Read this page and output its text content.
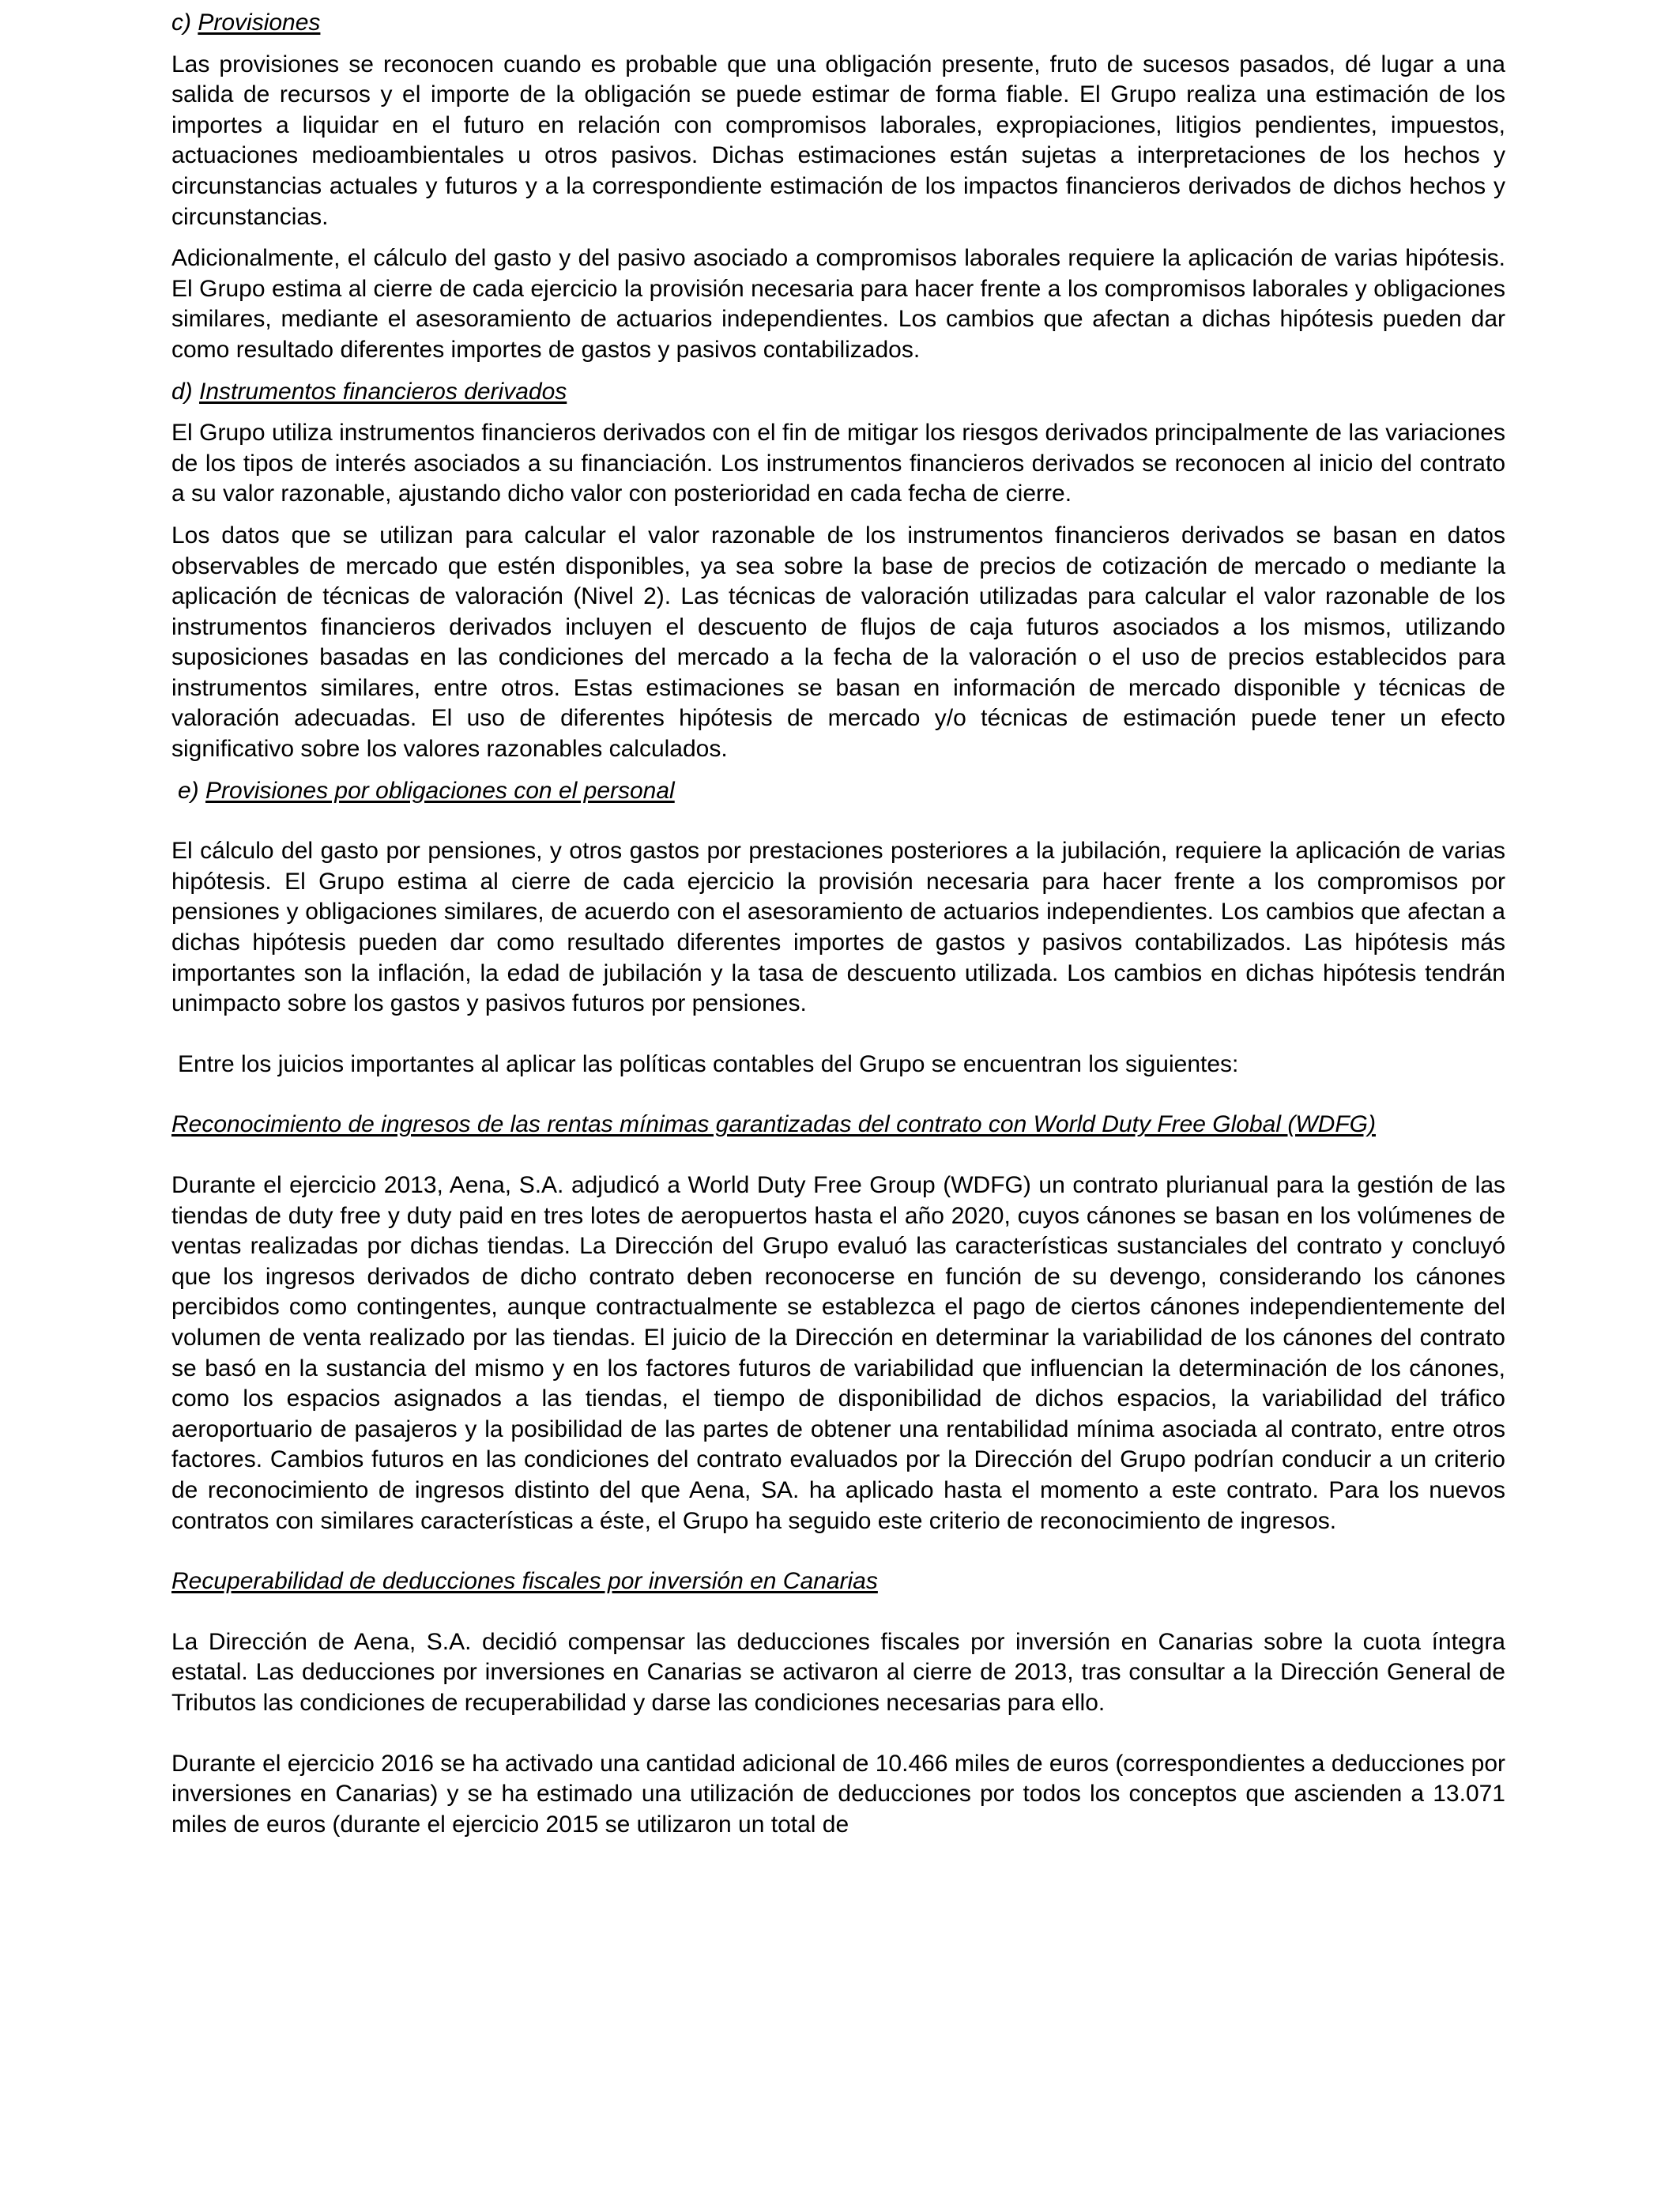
c) Provisiones

Las provisiones se reconocen cuando es probable que una obligación presente, fruto de sucesos pasados, dé lugar a una salida de recursos y el importe de la obligación se puede estimar de forma fiable. El Grupo realiza una estimación de los importes a liquidar en el futuro en relación con compromisos laborales, expropiaciones, litigios pendientes, impuestos, actuaciones medioambientales u otros pasivos. Dichas estimaciones están sujetas a interpretaciones de los hechos y circunstancias actuales y futuros y a la correspondiente estimación de los impactos financieros derivados de dichos hechos y circunstancias.

Adicionalmente, el cálculo del gasto y del pasivo asociado a compromisos laborales requiere la aplicación de varias hipótesis. El Grupo estima al cierre de cada ejercicio la provisión necesaria para hacer frente a los compromisos laborales y obligaciones similares, mediante el asesoramiento de actuarios independientes. Los cambios que afectan a dichas hipótesis pueden dar como resultado diferentes importes de gastos y pasivos contabilizados.

d) Instrumentos financieros derivados

El Grupo utiliza instrumentos financieros derivados con el fin de mitigar los riesgos derivados principalmente de las variaciones de los tipos de interés asociados a su financiación. Los instrumentos financieros derivados se reconocen al inicio del contrato a su valor razonable, ajustando dicho valor con posterioridad en cada fecha de cierre.

Los datos que se utilizan para calcular el valor razonable de los instrumentos financieros derivados se basan en datos observables de mercado que estén disponibles, ya sea sobre la base de precios de cotización de mercado o mediante la aplicación de técnicas de valoración (Nivel 2). Las técnicas de valoración utilizadas para calcular el valor razonable de los instrumentos financieros derivados incluyen el descuento de flujos de caja futuros asociados a los mismos, utilizando suposiciones basadas en las condiciones del mercado a la fecha de la valoración o el uso de precios establecidos para instrumentos similares, entre otros. Estas estimaciones se basan en información de mercado disponible y técnicas de valoración adecuadas. El uso de diferentes hipótesis de mercado y/o técnicas de estimación puede tener un efecto significativo sobre los valores razonables calculados.

e) Provisiones por obligaciones con el personal

El cálculo del gasto por pensiones, y otros gastos por prestaciones posteriores a la jubilación, requiere la aplicación de varias hipótesis. El Grupo estima al cierre de cada ejercicio la provisión necesaria para hacer frente a los compromisos por pensiones y obligaciones similares, de acuerdo con el asesoramiento de actuarios independientes. Los cambios que afectan a dichas hipótesis pueden dar como resultado diferentes importes de gastos y pasivos contabilizados. Las hipótesis más importantes son la inflación, la edad de jubilación y la tasa de descuento utilizada. Los cambios en dichas hipótesis tendrán unimpacto sobre los gastos y pasivos futuros por pensiones.

Entre los juicios importantes al aplicar las políticas contables del Grupo se encuentran los siguientes:

Reconocimiento de ingresos de las rentas mínimas garantizadas del contrato con World Duty Free Global (WDFG)

Durante el ejercicio 2013, Aena, S.A. adjudicó a World Duty Free Group (WDFG) un contrato plurianual para la gestión de las tiendas de duty free y duty paid en tres lotes de aeropuertos hasta el año 2020, cuyos cánones se basan en los volúmenes de ventas realizadas por dichas tiendas. La Dirección del Grupo evaluó las características sustanciales del contrato y concluyó que los ingresos derivados de dicho contrato deben reconocerse en función de su devengo, considerando los cánones percibidos como contingentes, aunque contractualmente se establezca el pago de ciertos cánones independientemente del volumen de venta realizado por las tiendas. El juicio de la Dirección en determinar la variabilidad de los cánones del contrato se basó en la sustancia del mismo y en los factores futuros de variabilidad que influencian la determinación de los cánones, como los espacios asignados a las tiendas, el tiempo de disponibilidad de dichos espacios, la variabilidad del tráfico aeroportuario de pasajeros y la posibilidad de las partes de obtener una rentabilidad mínima asociada al contrato, entre otros factores. Cambios futuros en las condiciones del contrato evaluados por la Dirección del Grupo podrían conducir a un criterio de reconocimiento de ingresos distinto del que Aena, SA. ha aplicado hasta el momento a este contrato. Para los nuevos contratos con similares características a éste, el Grupo ha seguido este criterio de reconocimiento de ingresos.

Recuperabilidad de deducciones fiscales por inversión en Canarias

La Dirección de Aena, S.A. decidió compensar las deducciones fiscales por inversión en Canarias sobre la cuota íntegra estatal. Las deducciones por inversiones en Canarias se activaron al cierre de 2013, tras consultar a la Dirección General de Tributos las condiciones de recuperabilidad y darse las condiciones necesarias para ello.

Durante el ejercicio 2016 se ha activado una cantidad adicional de 10.466 miles de euros (correspondientes a deducciones por inversiones en Canarias) y se ha estimado una utilización de deducciones por todos los conceptos que ascienden a 13.071 miles de euros (durante el ejercicio 2015 se utilizaron un total de
